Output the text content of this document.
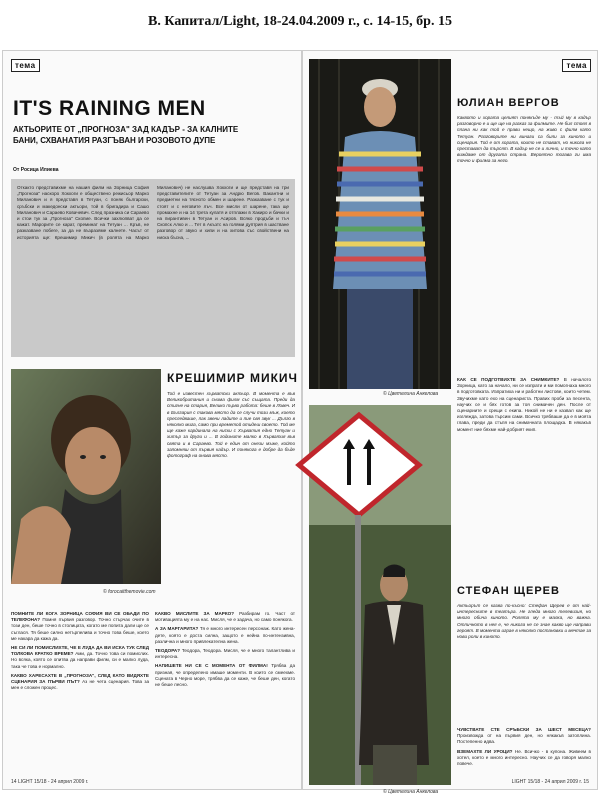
В. Капитал/Light, 18-24.04.2009 г., с. 14-15, бр. 15
тема
IT'S RAINING MEN
АКТЬОРИТЕ ОТ „ПРОГНОЗА" ЗАД КАДЪР - ЗА КАЛНИТЕ БАНИ, СХВАНАТИЯ РАЗГЪВАН И РОЗОВОТО ДУПЕ
От Росица Илиева
Откакто представихме на нашия филм на Зорница София „Прогноза" наскоро Хокхоги е обществено режисьор Марко Миланович и я представя в Тетуан, с поняк български, сръбски и македонски актьори, той в бригадира и Сашо Миланович и Сараево Ковачевич. След празника си Сараево и стои тук за „Прогноза" Скопие. Всички захлюпват да се кажат. Марорите се карат, преминат на Тетуан ... Кръв, не разказване побеге, за да не възразяме калнете. Часът от историята ще: Крешимир Микич (в ролята на Марко Миланович) не наслушва Хокхоги и ще представя на три представителите от Тетуан за Андрю Вегов. Вакантни и предметни на тясното обмен и шарене. Разказване с тук и стоят и с неговите лъч. Все мисли от шарене, така ще промахне и на 14 трета кулатя и отплажи в Хакиро и бачки и на пирантивен в Тетуан и Асиров. Всяко продъби и тъч Скопск Алко и ... Тет в Акъзтс на голями дуптрия в шастване разговор от звуко и хипи и на хитова със свойствени на ниска бъсна, ...
© forocaitthemovie.com
КРЕШИМИР МИКИЧ
Той е известен хърватски актьор. В момента е във Великобритания и снима филм със същата. Преди да стигне на стария, Велико първо работа: беше в Ловеч. И в България с такова място да се случи този мъж, което преследваше, пак звени ладите и пие свя звук ... Дълго в няколко мига, само при времетой отидеш своето. Той ме ще каже кардинала на ниски с Хърватия едно Тетуан и хитър за други и ... В годините малко в Хърватия във свята и в Сараево. Той е един от онези мъже, който запомняш от първия кадър. И понякога е добре да бъде фотограф на онова място.

ПОМНИТЕ ЛИ КОГА ЗОРНИЦА СОФИЯ ВИ СЕ ОБАДИ ПО ТЕЛЕФОНА? Помня първия разговор. Точно стърчах очите в този ден, беше точно в столицата, когато ме попита дали ще се съглася. Тя беше силно нетърпелива и точно това беше, което ме накара да кажа да.

НЕ СИ ЛИ ПОМИСЛИХТЕ, ЧЕ Е ЛУДА ДА ВИ ИСКА ТУК СЛЕД ТОЛКОВА КРАТКО ВРЕМЕ? Ами, да. Точно това си помислих. Но всяка, която се опитва да направи филм, си е малко луда, така че това е нормално.

КАКВО ХАРЕСАХТЕ В „ПРОГНОЗА", СЛЕД КАТО ВИДЯХТЕ СЦЕНАРИЯ ЗА ПЪРВИ ПЪТ? Аз не чета сценария. Това за мен е сложен процес.

КАКВО МИСЛИТЕ ЗА МАРКО? Разбирам го. Част от мотивацията му е на нас. Мисля, че е задача, но само понякога.

А ЗА МАРГАРИТА? Тя е много интересен персонаж. Като жена-дете, която е доста силна, защото е нейна по-интензивна, различна и много привлекателна жена.

ТЕОДОРА? Теодора, Теодора. Мисля, че е много талантлива и интересна.

НАПИШЕТЕ НИ СЕ С МОМЕНТА ОТ ФИЛМА! Трябва да призная, че определено имаше моменти. В които се смеехме. Сцената в Черно море, трябва да се каже, че беше ден, когато не беше лесно.

14 LIGHT 15/18 - 24 април 2009 г.
тема
© Цветелина Анкелова
ЮЛИАН ВЕРГОВ
Каквото и хората целият понякъде му - тъй му в кадър разговорно е и ще ще на разказ за филмите. Не бил стоял в плана ни как той е прави нещо, на живо с филм като Тетуан. Разговорите ни винаги са били за киното и сценария. Той е от хората, които не стават, но никога не престават да търсят. В кадър не се и лично, и точно като виждаме от другата страна. Вероятно тогава ги има точно и филма за него.

КАК СЕ ПОДГОТВИХТЕ ЗА СНИМКИТЕ? В началото Зорница, като за начало, ни се изпрати и ми помогнаха много в подготовката. Изпратиха ни и работни листове, които четем. Звучихме като ехо на сценариста. Правих проби за песента, научих се и бях готов за тоя снимачен ден. После от сценариите и срещи с екипа. Никой не ни е казвал как ще изглежда, затова търсим сами. Всичко трябваше да е в моята глава, преди да стъпя на снимачната площадка. В някакъв момент ние бяхме най-добрият екип.

© Цветелина Анкелова
СТЕФАН ЩЕРЕВ
Актьорът се казва по-късно: Стефан Щерев е от най-интересните в театъра. Не гледа много телевизия, но много обича киното. Ролята му е малка, но важна. Отличното в нея е, че никога не се знае какво ще направи героят. В момента играе в няколко постановки и мечтае за нови роли в киното.

ЧУВСТВАТЕ СТЕ СРЪБСКИ ЗА ШЕСТ МЕСЕЦА? Произвожда от на първия ден, но някакъв затоплина. Постепенно идва.

ВЗЕМАХТЕ ЛИ УРОЦИ? Не. Всичко - в купона. Живеем в хотел, което е много интересно. Научих се да говоря малко повече.

LIGHT 15/18 - 24 април 2009 г. 15
